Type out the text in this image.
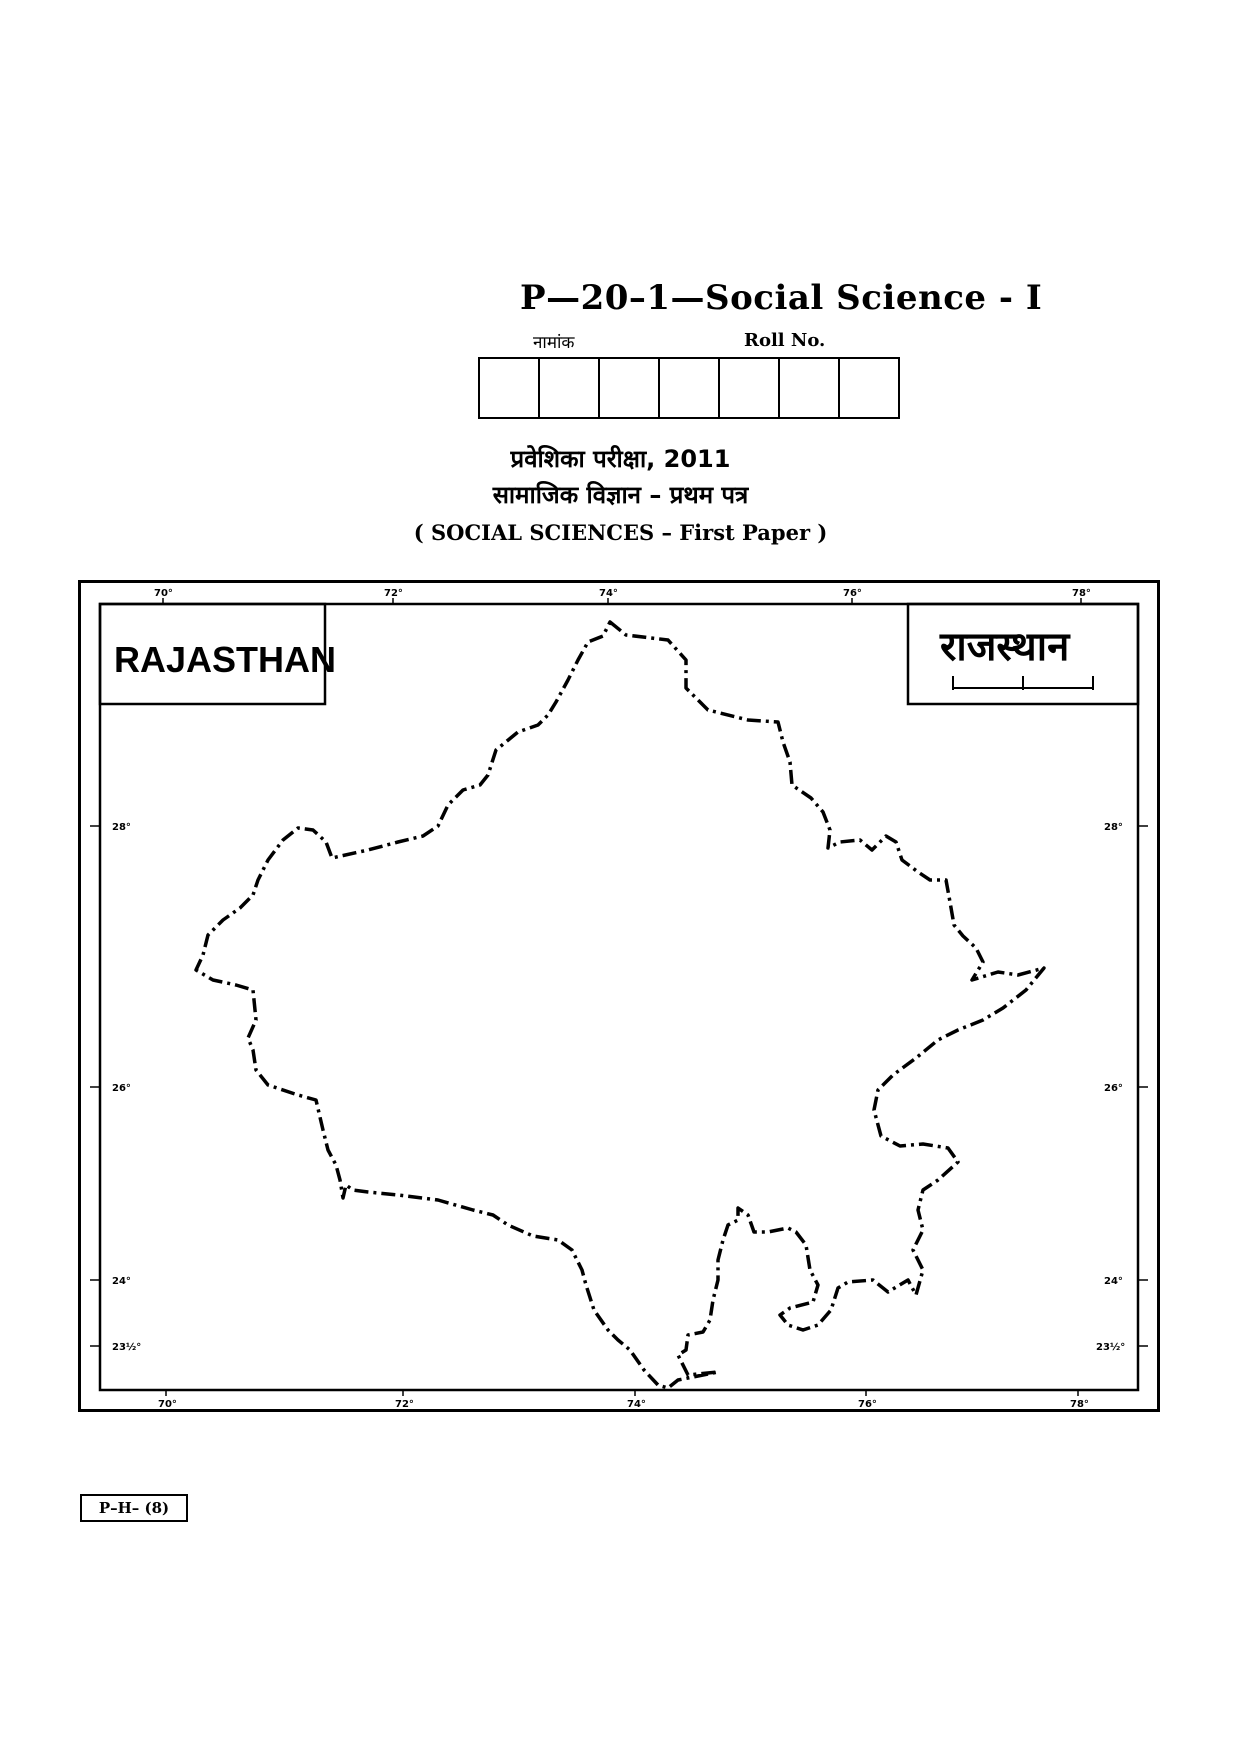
P—20–1—Social Science - I
नामांक	Roll No.
प्रवेशिका परीक्षा, 2011
सामाजिक विज्ञान – प्रथम पत्र
( SOCIAL SCIENCES – First Paper )
RAJASTHAN	राजस्थान
70°	72°	74°	76°	78°
70°	72°	74°	76°	78°
28°
26°
24°
23½°
28°
26°
24°
23½°
P–H– (8)
